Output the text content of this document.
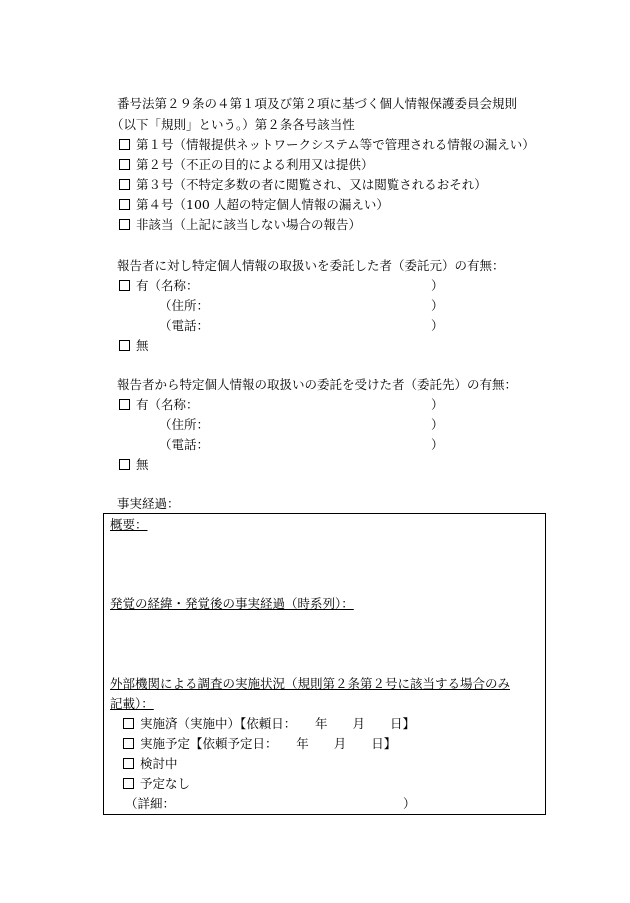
番号法第２９条の４第１項及び第２項に基づく個人情報保護委員会規則
（以下「規則」という。）第２条各号該当性
第１号（情報提供ネットワークシステム等で管理される情報の漏えい）
第２号（不正の目的による利用又は提供）
第３号（不特定多数の者に閲覧され、又は閲覧されるおそれ）
第４号（100 人超の特定個人情報の漏えい）
非該当（上記に該当しない場合の報告）
報告者に対し特定個人情報の取扱いを委託した者（委託元）の有無：
有（名称：	）
（住所：	）
（電話：	）
無
報告者から特定個人情報の取扱いの委託を受けた者（委託先）の有無：
有（名称：	）
（住所：	）
（電話：	）
無
事実経過：
概要：
発覚の経緯・発覚後の事実経過（時系列）：
外部機関による調査の実施状況（規則第２条第２号に該当する場合のみ
記載）：
実施済（実施中）【依頼日：　　年　　月　　日】
実施予定【依頼予定日：　　年　　月　　日】
検討中
予定なし
（詳細：	）
